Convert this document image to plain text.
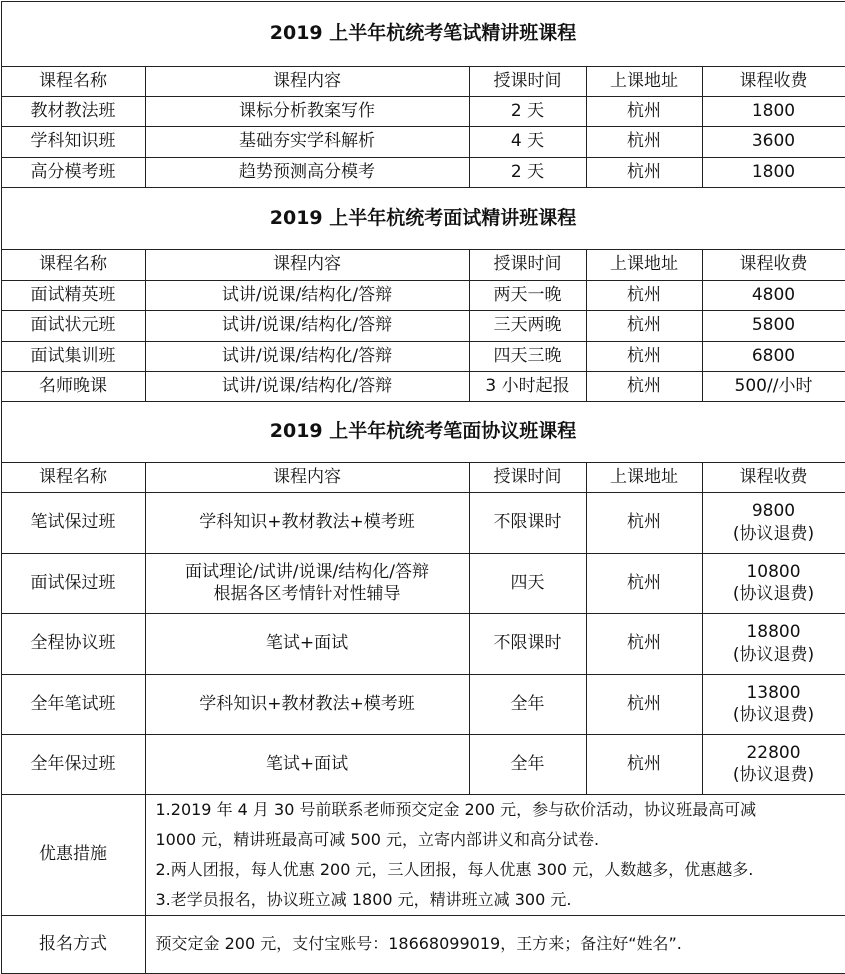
2019 上半年杭统考笔试精讲班课程				
课程名称	课程内容	授课时间	上课地址	课程收费
教材教法班	课标分析教案写作	2 天	杭州	1800
学科知识班	基础夯实学科解析	4 天	杭州	3600
高分模考班	趋势预测高分模考	2 天	杭州	1800
2019 上半年杭统考面试精讲班课程				
课程名称	课程内容	授课时间	上课地址	课程收费
面试精英班	试讲/说课/结构化/答辩	两天一晚	杭州	4800
面试状元班	试讲/说课/结构化/答辩	三天两晚	杭州	5800
面试集训班	试讲/说课/结构化/答辩	四天三晚	杭州	6800
名师晚课	试讲/说课/结构化/答辩	3 小时起报	杭州	500//小时
2019 上半年杭统考笔面协议班课程				
课程名称	课程内容	授课时间	上课地址	课程收费
笔试保过班	学科知识+教材教法+模考班	不限课时	杭州	9800
(协议退费)

面试保过班	面试理论/试讲/说课/结构化/答辩
根据各区考情针对性辅导	四天	杭州	10800
(协议退费)

全程协议班	笔试+面试	不限课时	杭州	18800
(协议退费)

全年笔试班	学科知识+教材教法+模考班	全年	杭州	13800
(协议退费)

全年保过班	笔试+面试	全年	杭州	22800
(协议退费)

优惠措施	1.2019 年 4 月 30 号前联系老师预交定金 200 元，参与砍价活动，协议班最高可减
1000 元，精讲班最高可减 500 元，立寄内部讲义和高分试卷.
2.两人团报，每人优惠 200 元，三人团报，每人优惠 300 元，人数越多，优惠越多.
3.老学员报名，协议班立减 1800 元，精讲班立减 300 元.			

报名方式	预交定金 200 元，支付宝账号：18668099019，王方来；备注好“姓名”.			
